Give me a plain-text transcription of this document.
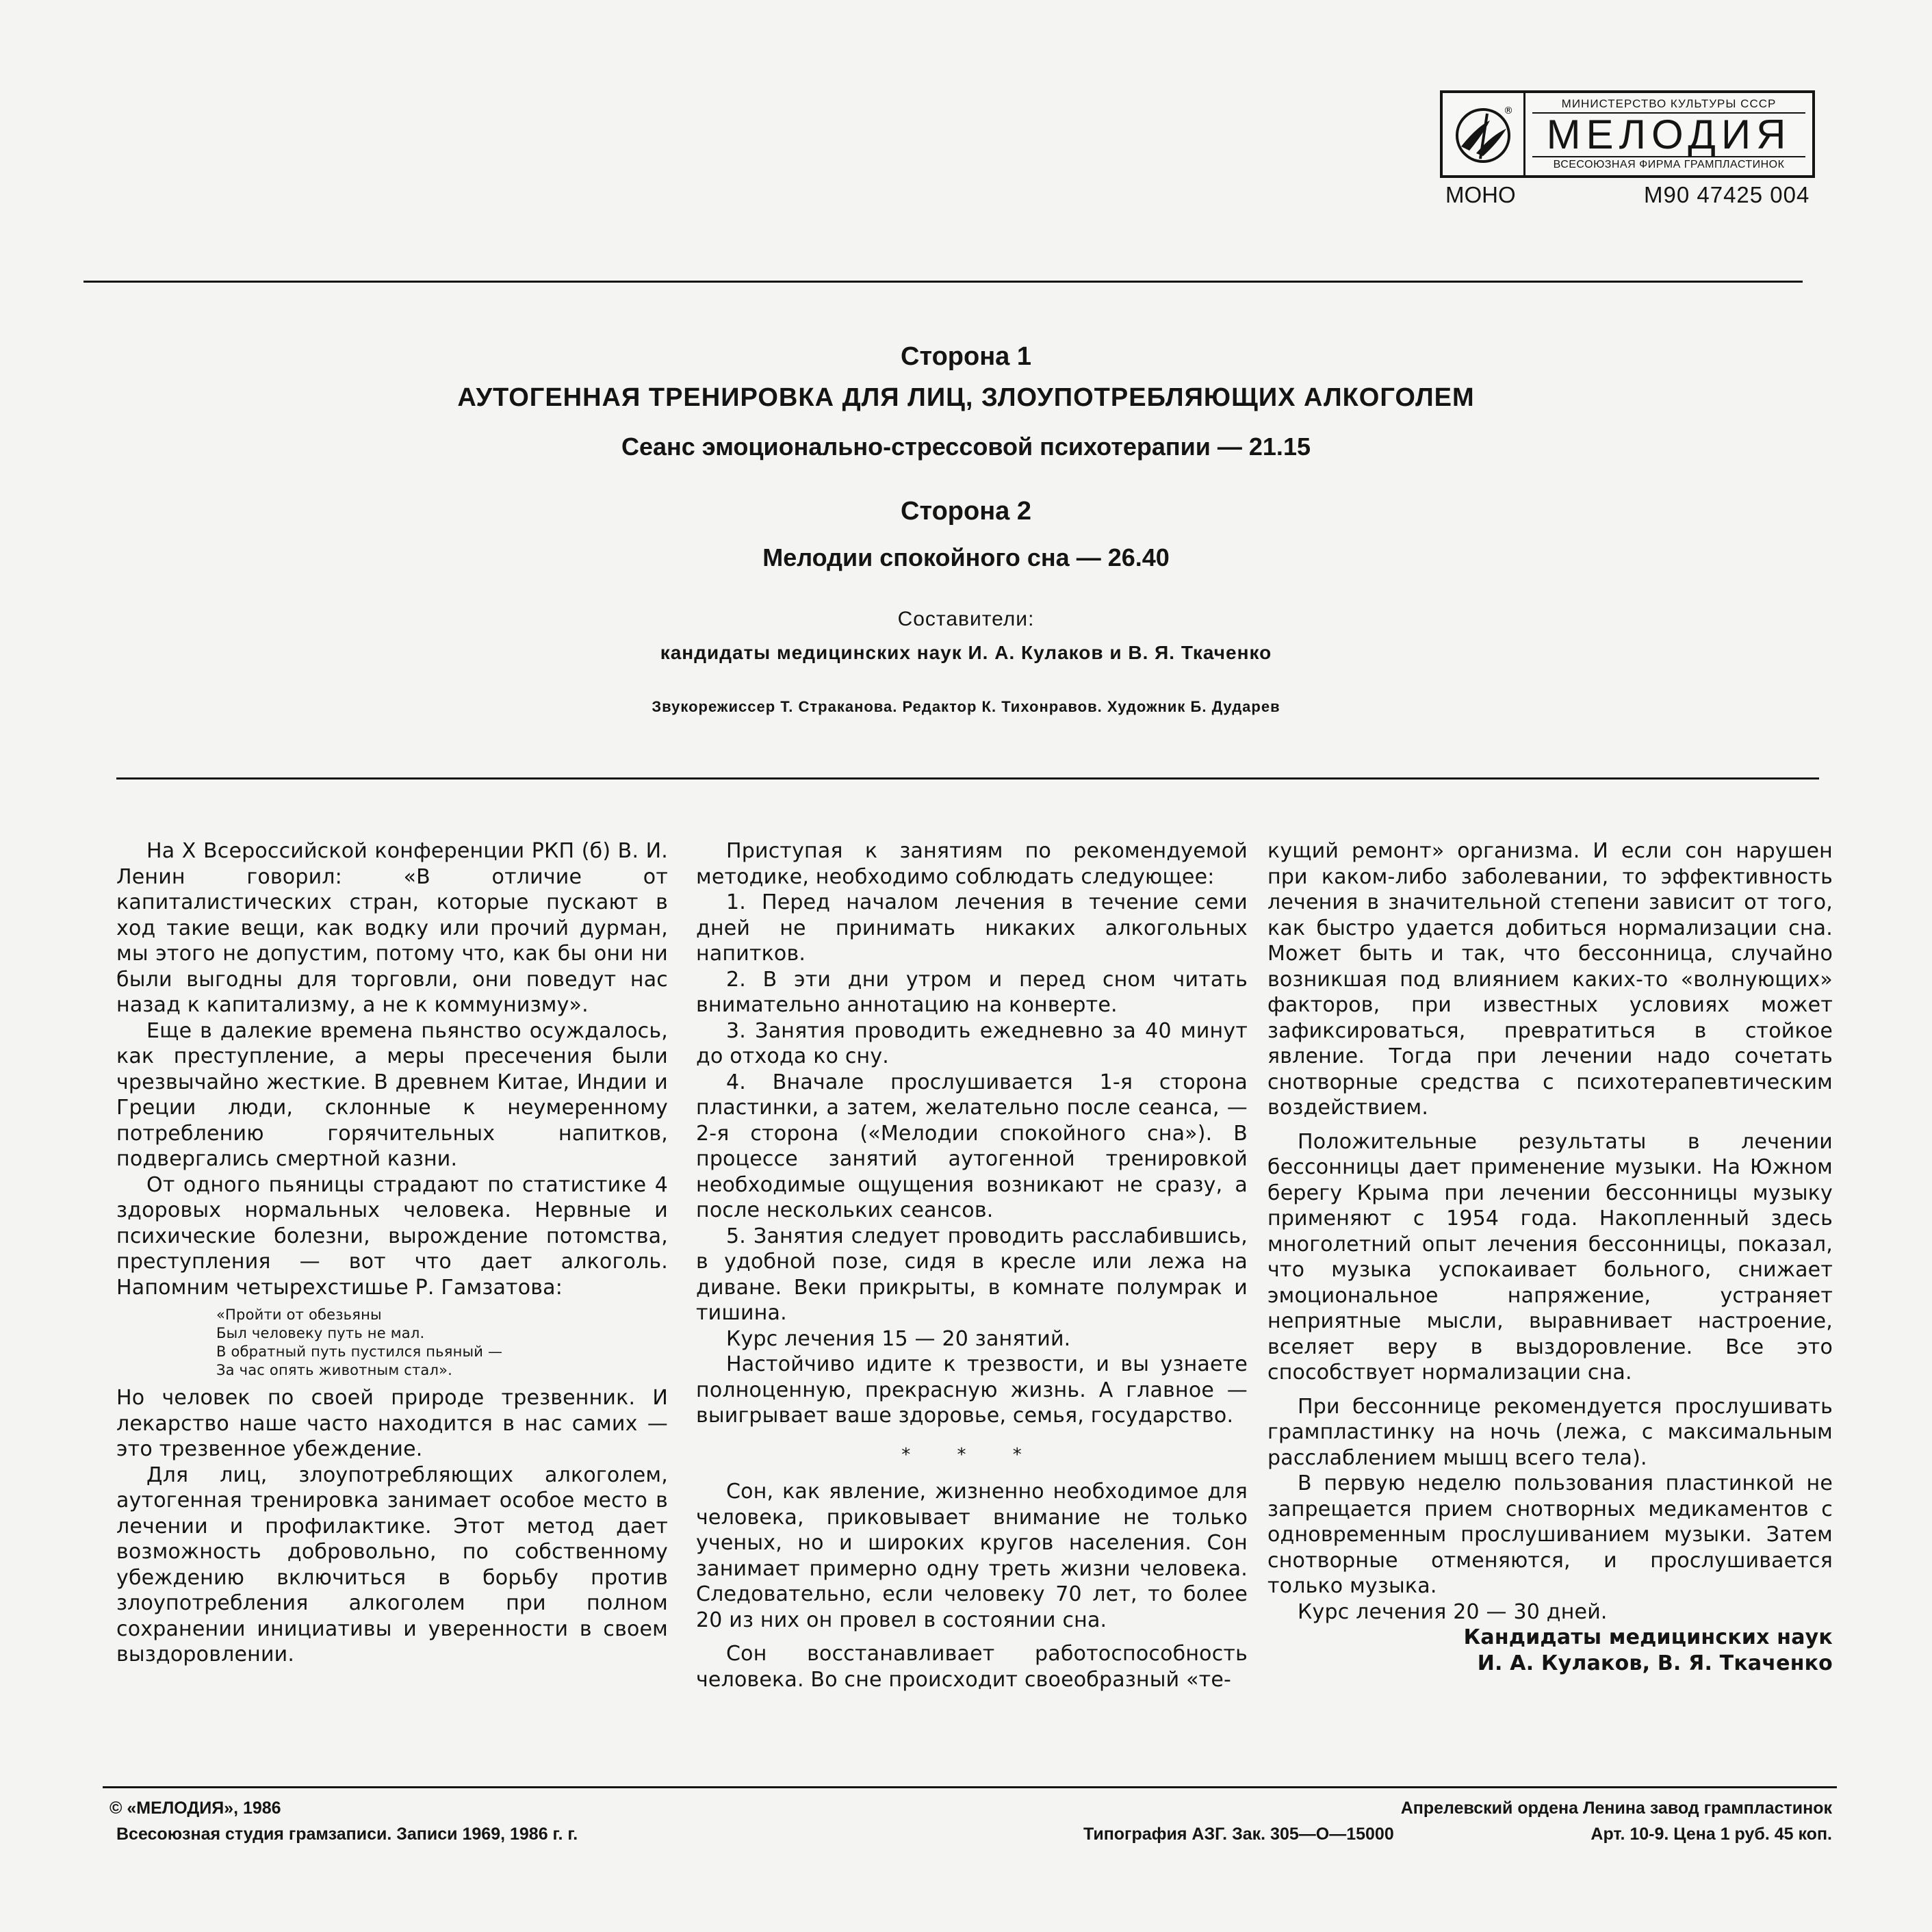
®
МИНИСТЕРСТВО КУЛЬТУРЫ СССР
МЕЛОДИЯ
ВСЕСОЮЗНАЯ ФИРМА ГРАМПЛАСТИНОК
МОНО	М90 47425 004
Сторона 1
АУТОГЕННАЯ ТРЕНИРОВКА ДЛЯ ЛИЦ, ЗЛОУПОТРЕБЛЯЮЩИХ АЛКОГОЛЕМ
Сеанс эмоционально-стрессовой психотерапии — 21.15
Сторона 2
Мелодии спокойного сна — 26.40
Составители:
кандидаты медицинских наук И. А. Кулаков и В. Я. Ткаченко
Звукорежиссер Т. Страканова. Редактор К. Тихонравов. Художник Б. Дударев

На X Всероссийской конференции РКП (б) В. И. Ленин говорил: «В отличие от капиталистических стран, которые пускают в ход такие вещи, как водку или прочий дурман, мы этого не допустим, потому что, как бы они ни были выгодны для торговли, они поведут нас назад к капитализму, а не к коммунизму».

Еще в далекие времена пьянство осуждалось, как преступление, а меры пресечения были чрезвычайно жесткие. В древнем Китае, Индии и Греции люди, склонные к неумеренному потреблению горячительных напитков, подвергались смертной казни.

От одного пьяницы страдают по статистике 4 здоровых нормальных человека. Нервные и психические болезни, вырождение потомства, преступления — вот что дает алкоголь. Напомним четырехстишье Р. Гамзатова:

«Пройти от обезьяны
Был человеку путь не мал.
В обратный путь пустился пьяный —
За час опять животным стал».

Но человек по своей природе трезвенник. И лекарство наше часто находится в нас самих — это трезвенное убеждение.

Для лиц, злоупотребляющих алкоголем, аутогенная тренировка занимает особое место в лечении и профилактике. Этот метод дает возможность добровольно, по собственному убеждению включиться в борьбу против злоупотребления алкоголем при полном сохранении инициативы и уверенности в своем выздоровлении.

Приступая к занятиям по рекомендуемой методике, необходимо соблюдать следующее:

1. Перед началом лечения в течение семи дней не принимать никаких алкогольных напитков.

2. В эти дни утром и перед сном читать внимательно аннотацию на конверте.

3. Занятия проводить ежедневно за 40 минут до отхода ко сну.

4. Вначале прослушивается 1-я сторона пластинки, а затем, желательно после сеанса, — 2-я сторона («Мелодии спокойного сна»). В процессе занятий аутогенной тренировкой необходимые ощущения возникают не сразу, а после нескольких сеансов.

5. Занятия следует проводить расслабившись, в удобной позе, сидя в кресле или лежа на диване. Веки прикрыты, в комнате полумрак и тишина.

Курс лечения 15 — 20 занятий.

Настойчиво идите к трезвости, и вы узнаете полноценную, прекрасную жизнь. А главное — выигрывает ваше здоровье, семья, государство.

* * *

Сон, как явление, жизненно необходимое для человека, приковывает внимание не только ученых, но и широких кругов населения. Сон занимает примерно одну треть жизни человека. Следовательно, если человеку 70 лет, то более 20 из них он провел в состоянии сна.

Сон восстанавливает работоспособность человека. Во сне происходит своеобразный «те-

кущий ремонт» организма. И если сон нарушен при каком-либо заболевании, то эффективность лечения в значительной степени зависит от того, как быстро удается добиться нормализации сна. Может быть и так, что бессонница, случайно возникшая под влиянием каких-то «волнующих» факторов, при известных условиях может зафиксироваться, превратиться в стойкое явление. Тогда при лечении надо сочетать снотворные средства с психотерапевтическим воздействием.

Положительные результаты в лечении бессонницы дает применение музыки. На Южном берегу Крыма при лечении бессонницы музыку применяют с 1954 года. Накопленный здесь многолетний опыт лечения бессонницы, показал, что музыка успокаивает больного, снижает эмоциональное напряжение, устраняет неприятные мысли, выравнивает настроение, вселяет веру в выздоровление. Все это способствует нормализации сна.

При бессоннице рекомендуется прослушивать грампластинку на ночь (лежа, с максимальным расслаблением мышц всего тела).

В первую неделю пользования пластинкой не запрещается прием снотворных медикаментов с одновременным прослушиванием музыки. Затем снотворные отменяются, и прослушивается только музыка.

Курс лечения 20 — 30 дней.

Кандидаты медицинских наук
И. А. Кулаков, В. Я. Ткаченко
© «МЕЛОДИЯ», 1986
Всесоюзная студия грамзаписи. Записи 1969, 1986 г. г.
Апрелевский ордена Ленина завод грампластинок
Типография АЗГ. Зак. 305—О—15000	Арт. 10-9. Цена 1 руб. 45 коп.
